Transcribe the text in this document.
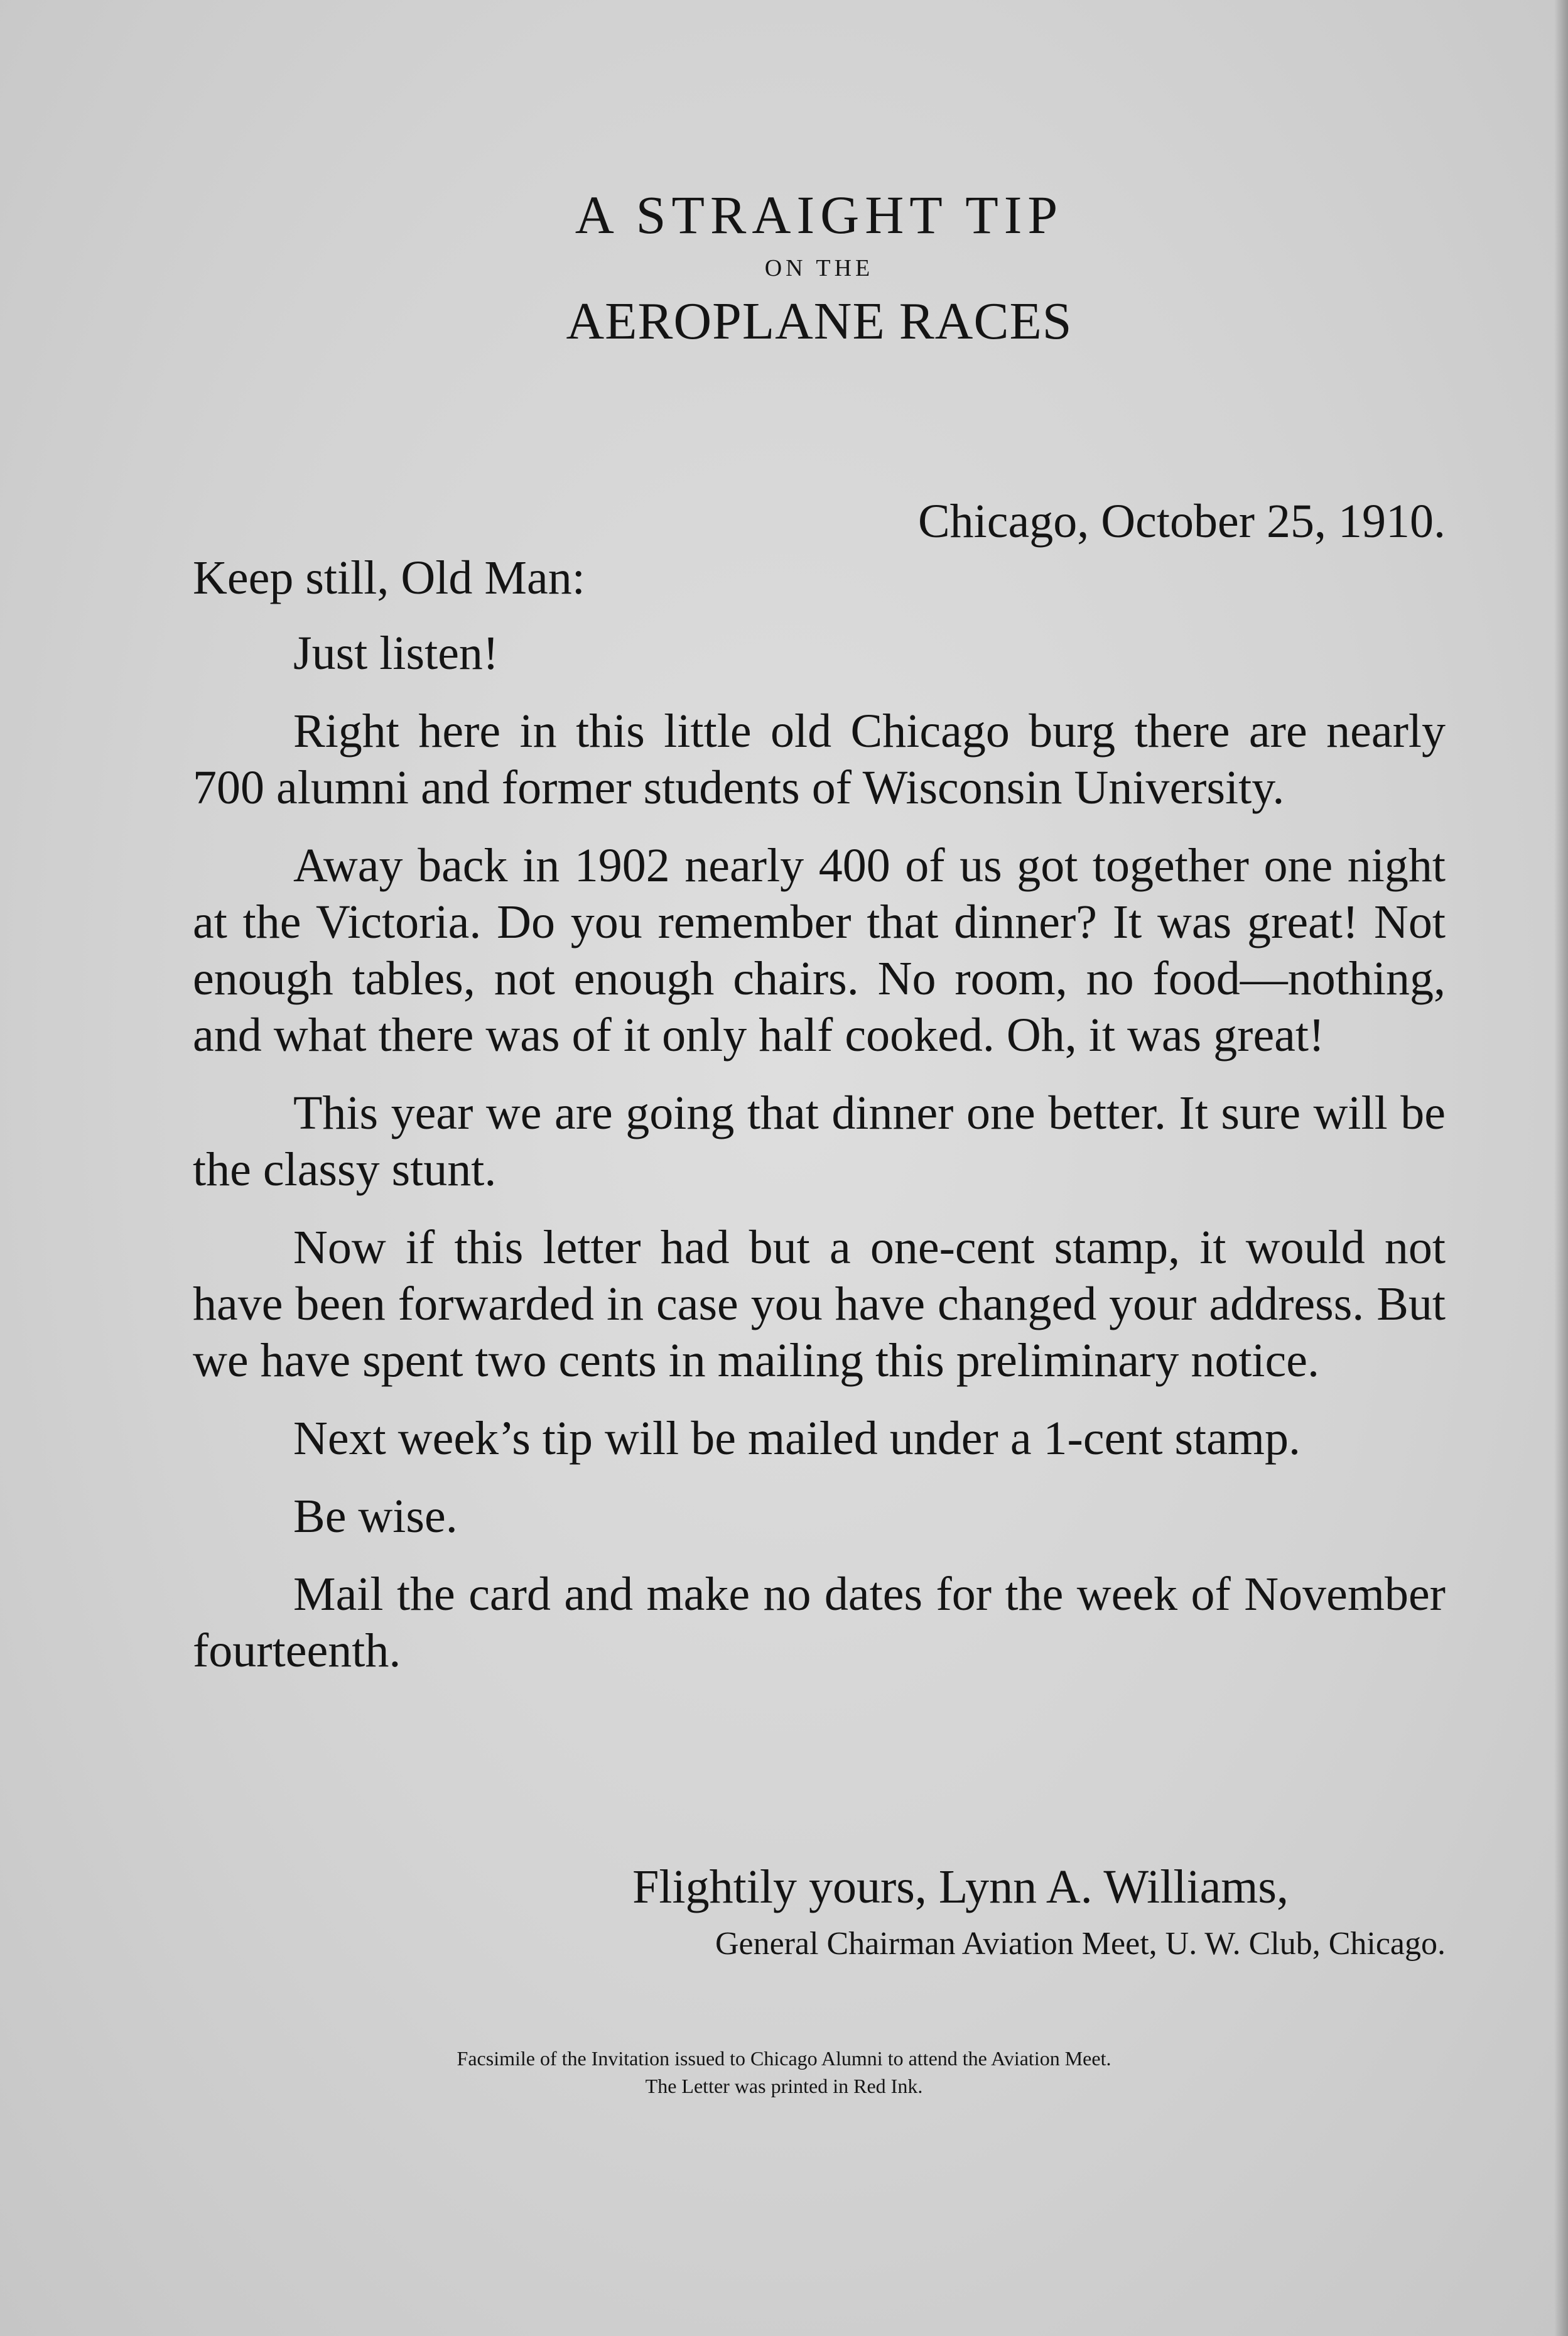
A STRAIGHT TIP
ON THE
AEROPLANE RACES
Chicago, October 25, 1910.
Keep still, Old Man:

Just listen!

Right here in this little old Chicago burg there are nearly 700 alumni and former students of Wisconsin University.

Away back in 1902 nearly 400 of us got together one night at the Victoria. Do you remember that dinner? It was great! Not enough tables, not enough chairs. No room, no food—nothing, and what there was of it only half cooked. Oh, it was great!

This year we are going that dinner one better. It sure will be the classy stunt.

Now if this letter had but a one-cent stamp, it would not have been forwarded in case you have changed your address. But we have spent two cents in mailing this preliminary notice.

Next week’s tip will be mailed under a 1-cent stamp.

Be wise.

Mail the card and make no dates for the week of November fourteenth.

Flightily yours, Lynn A. Williams,
General Chairman Aviation Meet, U. W. Club, Chicago.
Facsimile of the Invitation issued to Chicago Alumni to attend the Aviation Meet.
The Letter was printed in Red Ink.
